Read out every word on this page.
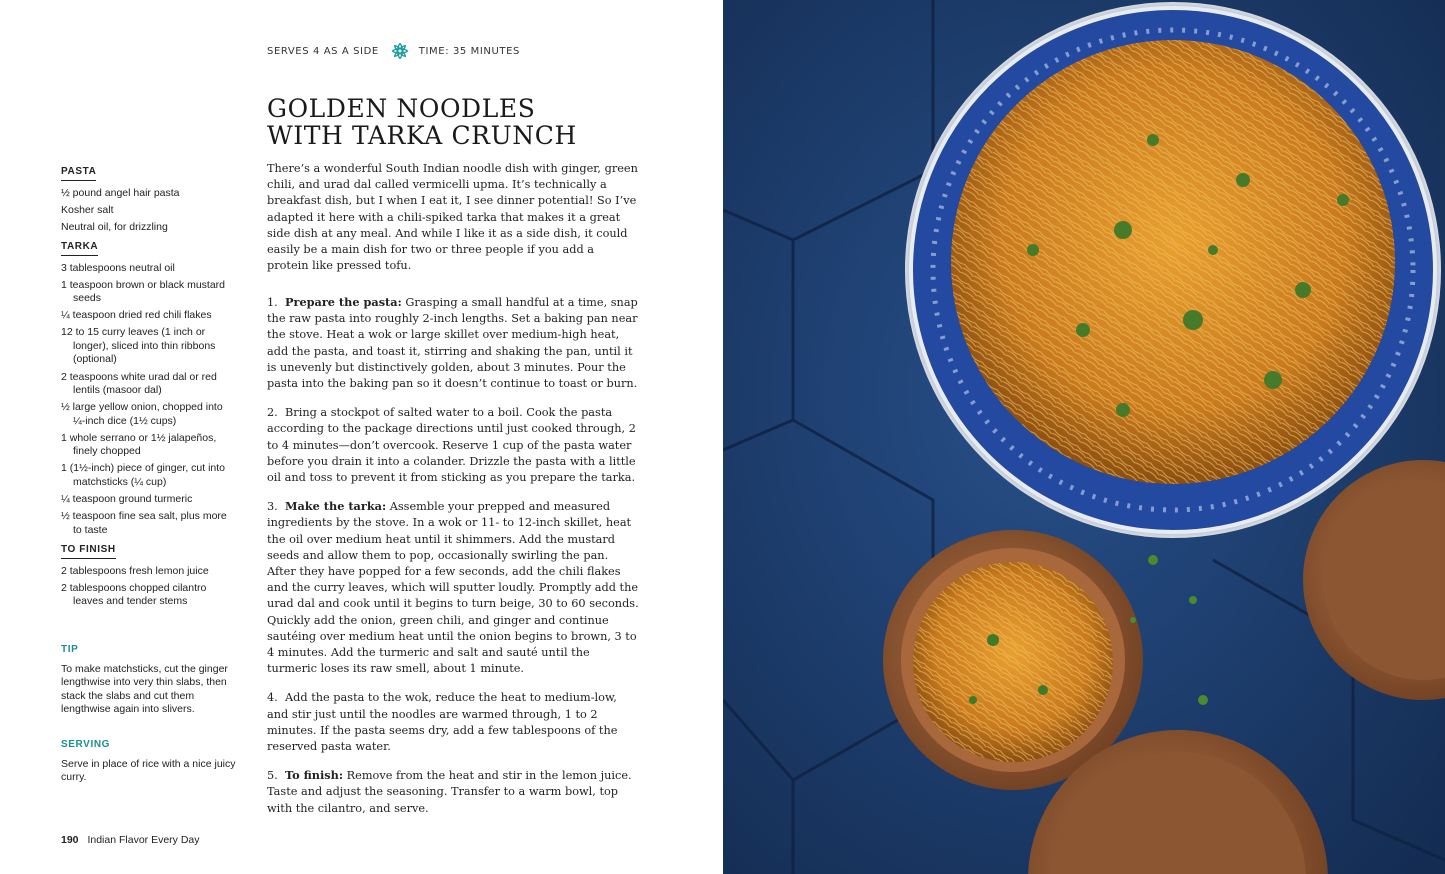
SERVES 4 AS A SIDE	TIME: 35 MINUTES
GOLDEN NOODLES
WITH TARKA CRUNCH
PASTA
½ pound angel hair pasta
Kosher salt
Neutral oil, for drizzling
TARKA
3 tablespoons neutral oil
1 teaspoon brown or black mustard seeds
¼ teaspoon dried red chili flakes
12 to 15 curry leaves (1 inch or longer), sliced into thin ribbons (optional)
2 teaspoons white urad dal or red lentils (masoor dal)
½ large yellow onion, chopped into ¼-inch dice (1½ cups)
1 whole serrano or 1½ jalapeños, finely chopped
1 (1½-inch) piece of ginger, cut into matchsticks (¼ cup)
¼ teaspoon ground turmeric
½ teaspoon fine sea salt, plus more to taste
TO FINISH
2 tablespoons fresh lemon juice
2 tablespoons chopped cilantro leaves and tender stems
TIP

To make matchsticks, cut the ginger lengthwise into very thin slabs, then stack the slabs and cut them lengthwise again into slivers.

SERVING

Serve in place of rice with a nice juicy curry.

There’s a wonderful South Indian noodle dish with ginger, green chili, and urad dal called vermicelli upma. It’s technically a breakfast dish, but I when I eat it, I see dinner potential! So I’ve adapted it here with a chili-spiked tarka that makes it a great side dish at any meal. And while I like it as a side dish, it could easily be a main dish for two or three people if you add a protein like pressed tofu.

1. Prepare the pasta: Grasping a small handful at a time, snap the raw pasta into roughly 2-inch lengths. Set a baking pan near the stove. Heat a wok or large skillet over medium-high heat, add the pasta, and toast it, stirring and shaking the pan, until it is unevenly but distinctively golden, about 3 minutes. Pour the pasta into the baking pan so it doesn’t continue to toast or burn.
2. Bring a stockpot of salted water to a boil. Cook the pasta according to the package directions until just cooked through, 2 to 4 minutes—don’t overcook. Reserve 1 cup of the pasta water before you drain it into a colander. Drizzle the pasta with a little oil and toss to prevent it from sticking as you prepare the tarka.
3. Make the tarka: Assemble your prepped and measured ingredients by the stove. In a wok or 11- to 12-inch skillet, heat the oil over medium heat until it shimmers. Add the mustard seeds and allow them to pop, occasionally swirling the pan. After they have popped for a few seconds, add the chili flakes and the curry leaves, which will sputter loudly. Promptly add the urad dal and cook until it begins to turn beige, 30 to 60 seconds. Quickly add the onion, green chili, and ginger and continue sautéing over medium heat until the onion begins to brown, 3 to 4 minutes. Add the turmeric and salt and sauté until the turmeric loses its raw smell, about 1 minute.
4. Add the pasta to the wok, reduce the heat to medium-low, and stir just until the noodles are warmed through, 1 to 2 minutes. If the pasta seems dry, add a few tablespoons of the reserved pasta water.
5. To finish: Remove from the heat and stir in the lemon juice. Taste and adjust the seasoning. Transfer to a warm bowl, top with the cilantro, and serve.
190 Indian Flavor Every Day
